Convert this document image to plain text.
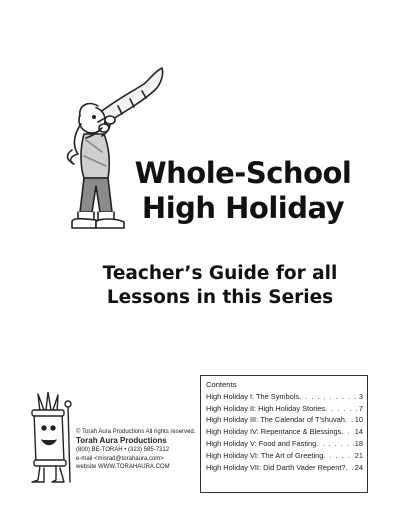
Whole-School
High Holiday
Teacher’s Guide for all
Lessons in this Series
Contents
High Holiday I: The Symbols . . .	3
High Holiday II: High Holiday Stories . . .	7
High Holiday III: The Calendar of T’shuvah . . . 10
High Holiday IV: Repentance & Blessings . . . 14
High Holiday V: Food and Fasting . . .	18
High Holiday VI: The Art of Greeting . . .	21
High Holiday VII: Did Darth Vader Repent? . . . 24
© Torah Aura Productions All rights reserved.
Torah Aura Productions
(800) BE-TORAH • (323) 585-7312
e-mail <misrad@torahaura.com>
website WWW.TORAHAURA.COM
